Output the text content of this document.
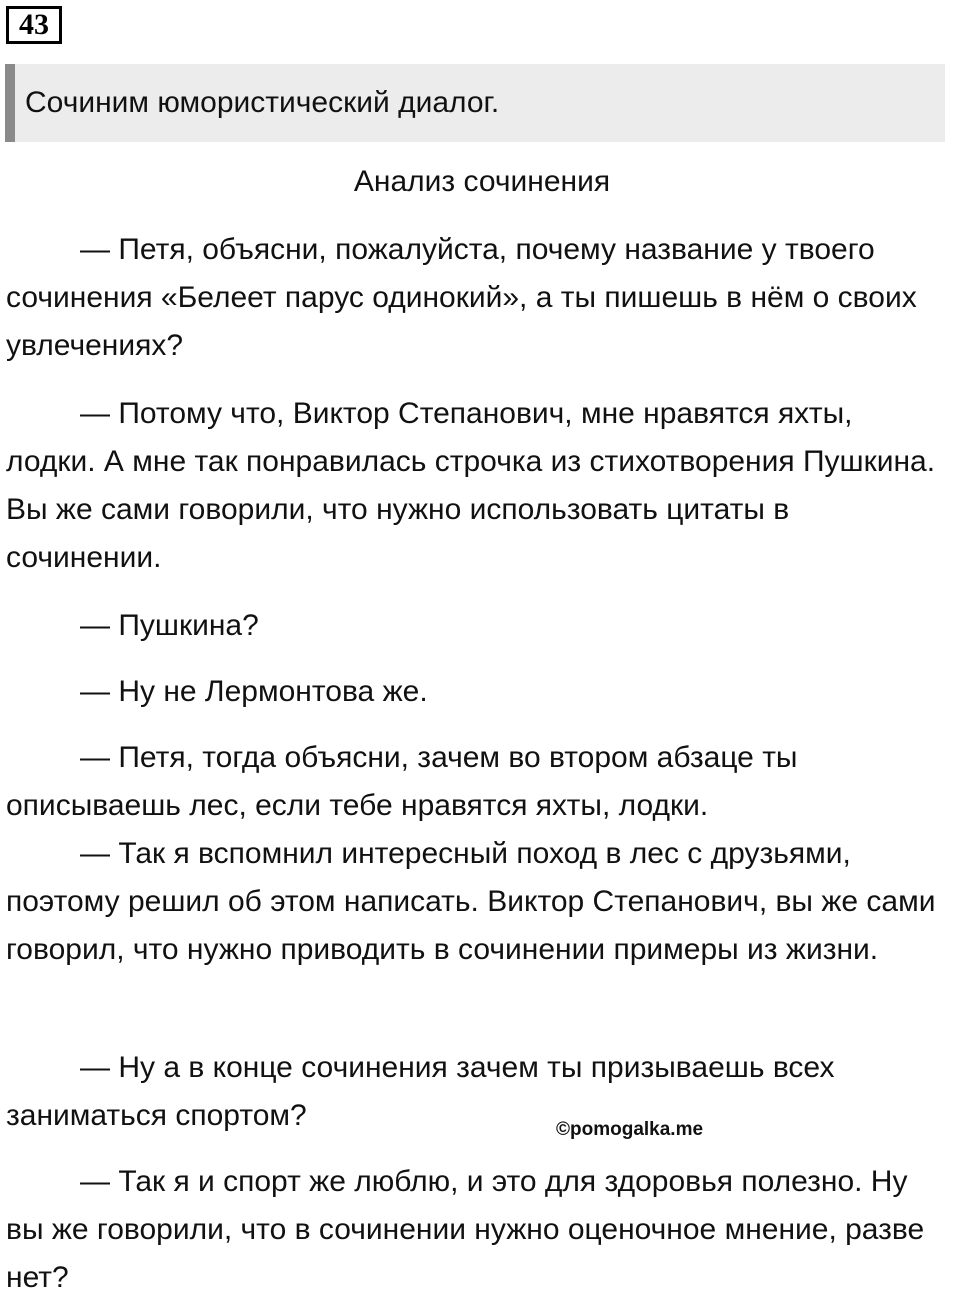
43
Сочиним юмористический диалог.
Анализ сочинения

— Петя, объясни, пожалуйста, почему название у твоего сочинения «Белеет парус одинокий», а ты пишешь в нём о своих увлечениях?

— Потому что, Виктор Степанович, мне нравятся яхты, лодки. А мне так понравилась строчка из стихотворения Пушкина. Вы же сами говорили, что нужно использовать цитаты в сочинении.

— Пушкина?

— Ну не Лермонтова же.

— Петя, тогда объясни, зачем во втором абзаце ты описываешь лес, если тебе нравятся яхты, лодки.

— Так я вспомнил интересный поход в лес с друзьями, поэтому решил об этом написать. Виктор Степанович, вы же сами говорил, что нужно приводить в сочинении примеры из жизни.

— Ну а в конце сочинения зачем ты призываешь всех заниматься спортом?

— Так я и спорт же люблю, и это для здоровья полезно. Ну вы же говорили, что в сочинении нужно оценочное мнение, разве нет?

©pomogalka.me
